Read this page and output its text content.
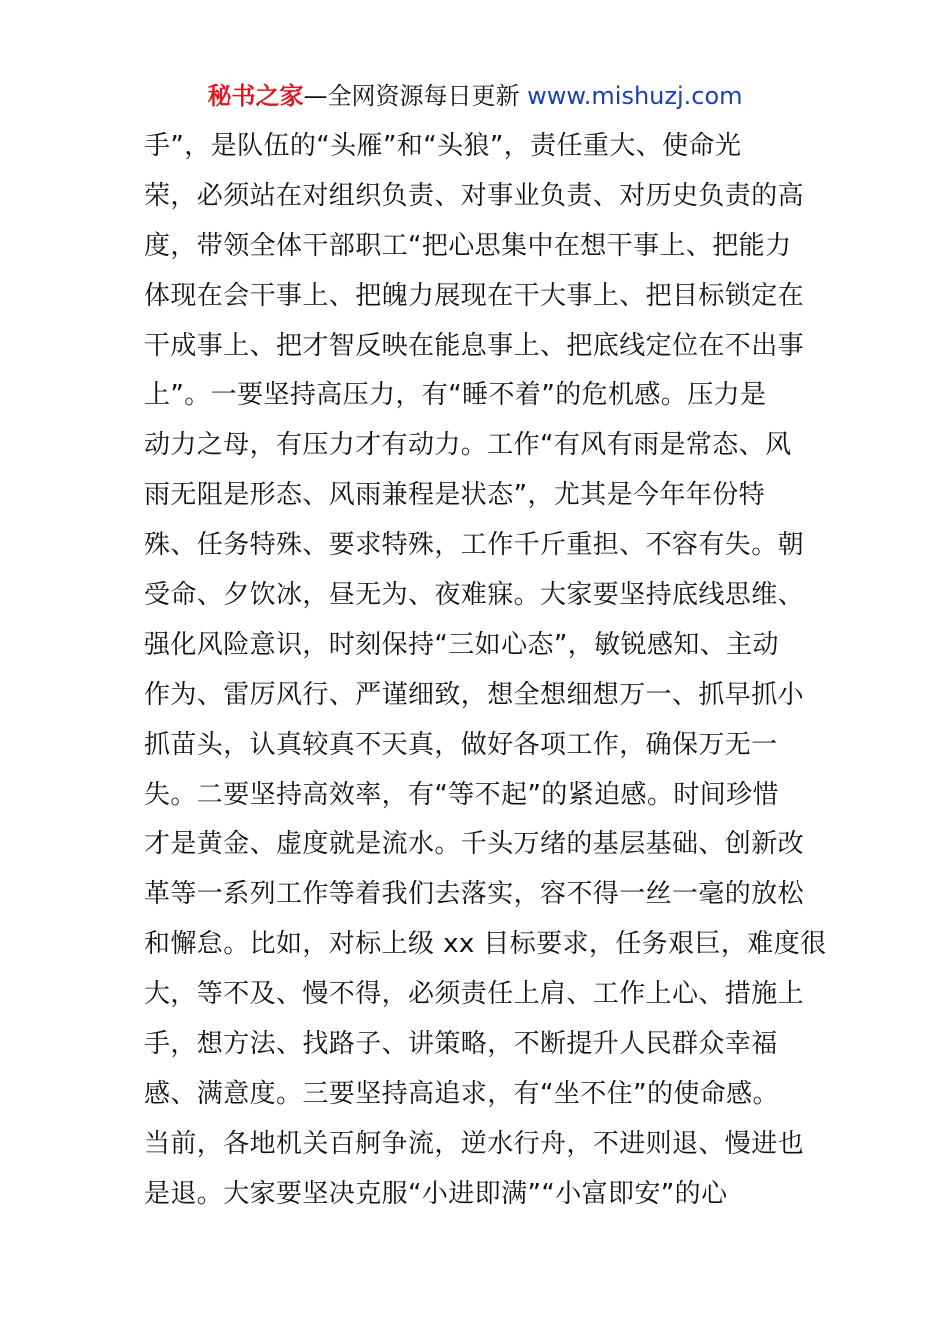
秘书之家—全网资源每日更新 www.mishuzj.com
手”，是队伍的“头雁”和“头狼”，责任重大、使命光
荣，必须站在对组织负责、对事业负责、对历史负责的高
度，带领全体干部职工“把心思集中在想干事上、把能力
体现在会干事上、把魄力展现在干大事上、把目标锁定在
干成事上、把才智反映在能息事上、把底线定位在不出事
上”。一要坚持高压力，有“睡不着”的危机感。压力是
动力之母，有压力才有动力。工作“有风有雨是常态、风
雨无阻是形态、风雨兼程是状态”，尤其是今年年份特
殊、任务特殊、要求特殊，工作千斤重担、不容有失。朝
受命、夕饮冰，昼无为、夜难寐。大家要坚持底线思维、
强化风险意识，时刻保持“三如心态”，敏锐感知、主动
作为、雷厉风行、严谨细致，想全想细想万一、抓早抓小
抓苗头，认真较真不天真，做好各项工作，确保万无一
失。二要坚持高效率，有“等不起”的紧迫感。时间珍惜
才是黄金、虚度就是流水。千头万绪的基层基础、创新改
革等一系列工作等着我们去落实，容不得一丝一毫的放松
和懈怠。比如，对标上级 xx 目标要求，任务艰巨，难度很
大，等不及、慢不得，必须责任上肩、工作上心、措施上
手，想方法、找路子、讲策略，不断提升人民群众幸福
感、满意度。三要坚持高追求，有“坐不住”的使命感。
当前，各地机关百舸争流，逆水行舟，不进则退、慢进也
是退。大家要坚决克服“小进即满”“小富即安”的心
